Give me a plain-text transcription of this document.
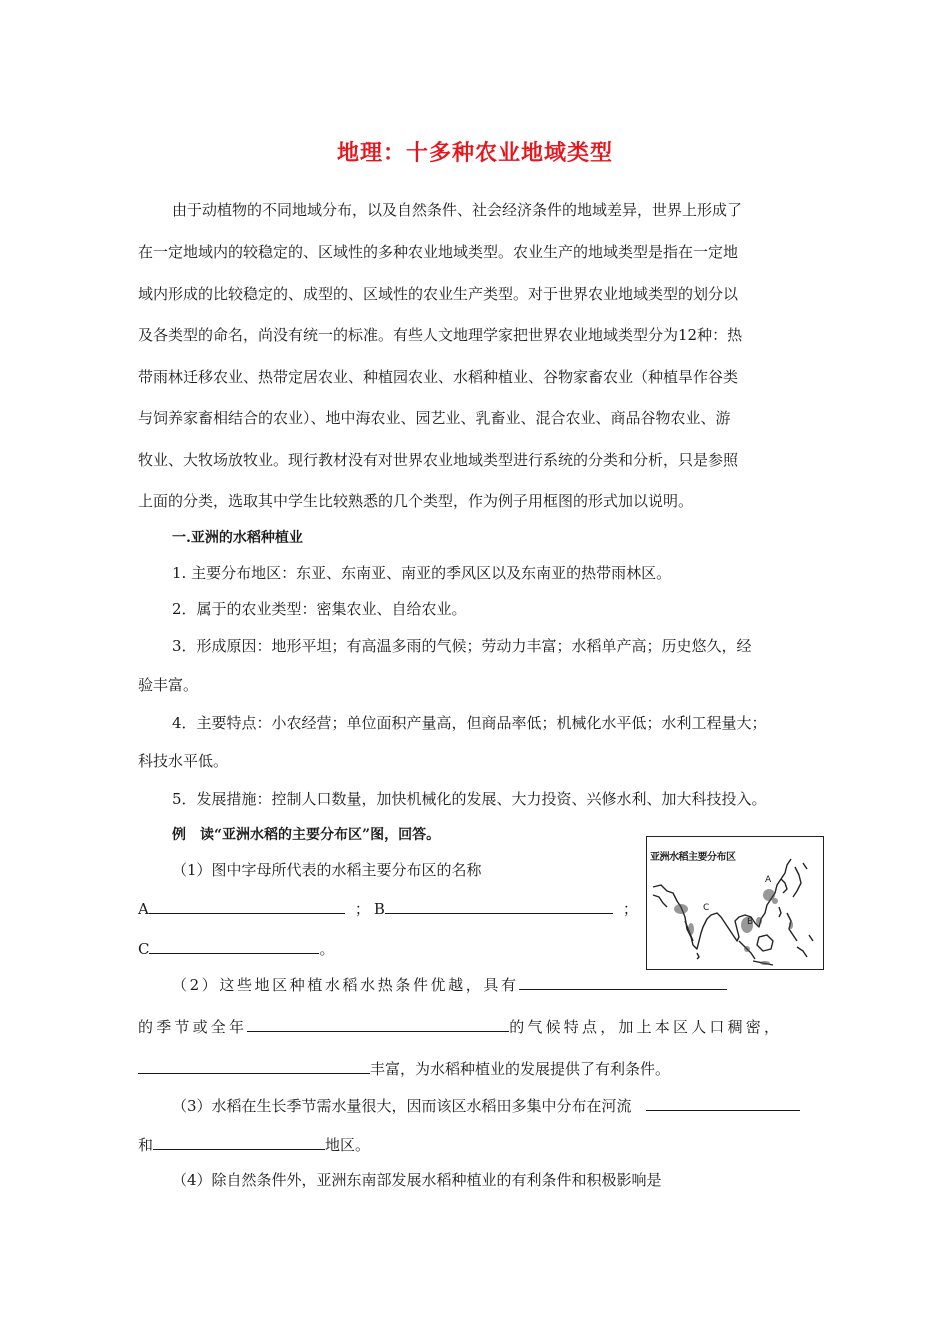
地理：十多种农业地域类型
由于动植物的不同地域分布，以及自然条件、社会经济条件的地域差异，世界上形成了
在一定地域内的较稳定的、区域性的多种农业地域类型。农业生产的地域类型是指在一定地
域内形成的比较稳定的、成型的、区域性的农业生产类型。对于世界农业地域类型的划分以
及各类型的命名，尚没有统一的标准。有些人文地理学家把世界农业地域类型分为12种：热
带雨林迁移农业、热带定居农业、种植园农业、水稻种植业、谷物家畜农业（种植旱作谷类
与饲养家畜相结合的农业）、地中海农业、园艺业、乳畜业、混合农业、商品谷物农业、游
牧业、大牧场放牧业。现行教材没有对世界农业地域类型进行系统的分类和分析，只是参照
上面的分类，选取其中学生比较熟悉的几个类型，作为例子用框图的形式加以说明。
一.亚洲的水稻种植业
1. 主要分布地区：东亚、东南亚、南亚的季风区以及东南亚的热带雨林区。
2．属于的农业类型：密集农业、自给农业。
3．形成原因：地形平坦；有高温多雨的气候；劳动力丰富；水稻单产高；历史悠久，经
验丰富。
4．主要特点：小农经营；单位面积产量高，但商品率低；机械化水平低；水利工程量大；
科技水平低。
5．发展措施：控制人口数量，加快机械化的发展、大力投资、兴修水利、加大科技投入。
例　读“亚洲水稻的主要分布区”图，回答。
（1）图中字母所代表的水稻主要分布区的名称
A	； B	；
C	。
（2）这些地区种植水稻水热条件优越，具有
的季节或全年	的气候特点，加上本区人口稠密，
丰富，为水稻种植业的发展提供了有利条件。
（3）水稻在生长季节需水量很大，因而该区水稻田多集中分布在河流
和	地区。
（4）除自然条件外，亚洲东南部发展水稻种植业的有利条件和积极影响是
亚洲水稻主要分布区
A
B
C
